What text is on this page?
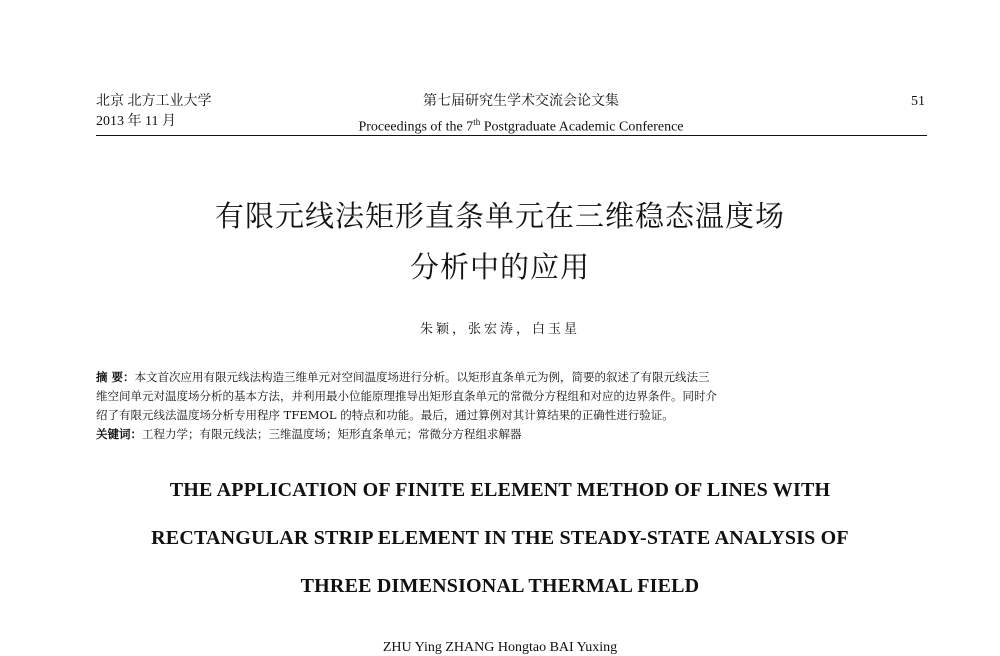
北京 北方工业大学
2013 年 11 月
第七届研究生学术交流会论文集
Proceedings of the 7th Postgraduate Academic Conference
51
有限元线法矩形直条单元在三维稳态温度场
分析中的应用
朱颖，张宏涛，白玉星
摘 要：本文首次应用有限元线法构造三维单元对空间温度场进行分析。以矩形直条单元为例，简要的叙述了有限元线法三
维空间单元对温度场分析的基本方法，并利用最小位能原理推导出矩形直条单元的常微分方程组和对应的边界条件。同时介
绍了有限元线法温度场分析专用程序 TFEMOL 的特点和功能。最后，通过算例对其计算结果的正确性进行验证。
关键词：工程力学；有限元线法；三维温度场；矩形直条单元；常微分方程组求解器
THE APPLICATION OF FINITE ELEMENT METHOD OF LINES WITH
RECTANGULAR STRIP ELEMENT IN THE STEADY-STATE ANALYSIS OF
THREE DIMENSIONAL THERMAL FIELD
ZHU Ying ZHANG Hongtao BAI Yuxing
